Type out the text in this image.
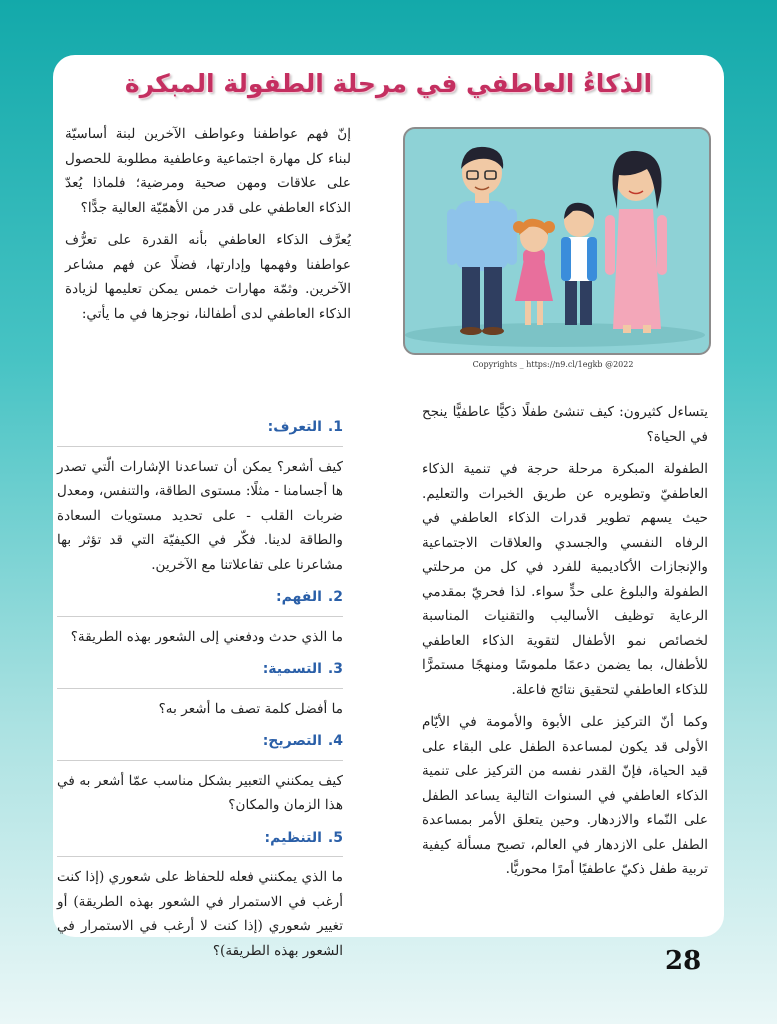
الذكاءُ العاطفي في مرحلة الطفولة المبكرة
Copyrights _ https://n9.cl/1egkb @2022

إنّ فهم عواطفنا وعواطف الآخرين لبنة أساسيّة لبناء كل مهارة اجتماعية وعاطفية مطلوبة للحصول على علاقات ومهن صحية ومرضية؛ فلماذا يُعدّ الذكاء العاطفي على قدر من الأهمّيّة العالية جدًّا؟

يُعرَّف الذكاء العاطفي بأنه القدرة على تعرُّف عواطفنا وفهمها وإدارتها، فضلًا عن فهم مشاعر الآخرين. وثمّة مهارات خمس يمكن تعليمها لزيادة الذكاء العاطفي لدى أطفالنا، نوجزها في ما يأتي:

1.
التعرف:

كيف أشعر؟ يمكن أن تساعدنا الإشارات الّتي تصدر ها أجسامنا - مثلًا: مستوى الطاقة، والتنفس، ومعدل ضربات القلب - على تحديد مستويات السعادة والطاقة لدينا. فكّر في الكيفيّة التي قد تؤثر بها مشاعرنا على تفاعلاتنا مع الآخرين.

2.
الفهم:

ما الذي حدث ودفعني إلى الشعور بهذه الطريقة؟

3.
التسمية:

ما أفضل كلمة تصف ما أشعر به؟

4.
التصريح:

كيف يمكنني التعبير بشكل مناسب عمّا أشعر به في هذا الزمان والمكان؟

5.
التنظيم:

ما الذي يمكنني فعله للحفاظ على شعوري (إذا كنت أرغب في الاستمرار في الشعور بهذه الطريقة) أو تغيير شعوري (إذا كنت لا أرغب في الاستمرار في الشعور بهذه الطريقة)؟

يتساءل كثيرون: كيف تنشئ طفلًا ذكيًّا عاطفيًّا ينجح في الحياة؟

الطفولة المبكرة مرحلة حرجة في تنمية الذكاء العاطفيّ وتطويره عن طريق الخبرات والتعليم. حيث يسهم تطوير قدرات الذكاء العاطفي في الرفاه النفسي والجسدي والعلاقات الاجتماعية والإنجازات الأكاديمية للفرد في كل من مرحلتي الطفولة والبلوغ على حدٍّ سواء. لذا فحريّ بمقدمي الرعاية توظيف الأساليب والتقنيات المناسبة لخصائص نمو الأطفال لتقوية الذكاء العاطفي للأطفال، بما يضمن دعمًا ملموسًا ومنهجًا مستمرًّا للذكاء العاطفي لتحقيق نتائج فاعلة.

وكما أنّ التركيز على الأبوة والأمومة في الأيّام الأولى قد يكون لمساعدة الطفل على البقاء على قيد الحياة، فإنّ القدر نفسه من التركيز على تنمية الذكاء العاطفي في السنوات التالية يساعد الطفل على النّماء والازدهار. وحين يتعلق الأمر بمساعدة الطفل على الازدهار في العالم، تصبح مسألة كيفية تربية طفل ذكيّ عاطفيًا أمرًا محوريًّا.

28
